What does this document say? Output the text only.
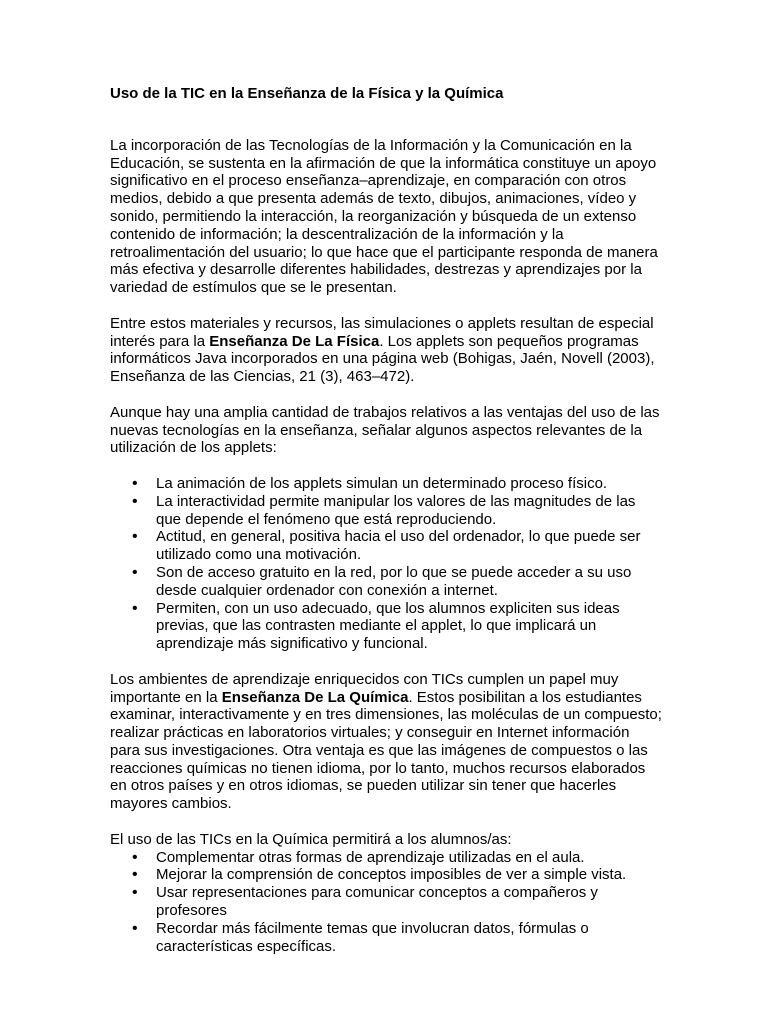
Uso de la TIC en la Enseñanza de la Física y la Química

La incorporación de las Tecnologías de la Información y la Comunicación en la Educación, se sustenta en la afirmación de que la informática constituye un apoyo significativo en el proceso enseñanza–aprendizaje, en comparación con otros medios, debido a que presenta además de texto, dibujos, animaciones, vídeo y sonido, permitiendo la interacción, la reorganización y búsqueda de un extenso contenido de información; la descentralización de la información y la retroalimentación del usuario; lo que hace que el participante responda de manera más efectiva y desarrolle diferentes habilidades, destrezas y aprendizajes por la variedad de estímulos que se le presentan.

Entre estos materiales y recursos, las simulaciones o applets resultan de especial interés para la Enseñanza De La Física. Los applets son pequeños programas informáticos Java incorporados en una página web (Bohigas, Jaén, Novell (2003), Enseñanza de las Ciencias, 21 (3), 463–472).

Aunque hay una amplia cantidad de trabajos relativos a las ventajas del uso de las nuevas tecnologías en la enseñanza, señalar algunos aspectos relevantes de la utilización de los applets:

• La animación de los applets simulan un determinado proceso físico.
• La interactividad permite manipular los valores de las magnitudes de las que depende el fenómeno que está reproduciendo.
• Actitud, en general, positiva hacia el uso del ordenador, lo que puede ser utilizado como una motivación.
• Son de acceso gratuito en la red, por lo que se puede acceder a su uso desde cualquier ordenador con conexión a internet.
• Permiten, con un uso adecuado, que los alumnos expliciten sus ideas previas, que las contrasten mediante el applet, lo que implicará un aprendizaje más significativo y funcional.

Los ambientes de aprendizaje enriquecidos con TICs cumplen un papel muy importante en la Enseñanza De La Química. Estos posibilitan a los estudiantes examinar, interactivamente y en tres dimensiones, las moléculas de un compuesto; realizar prácticas en laboratorios virtuales; y conseguir en Internet información para sus investigaciones. Otra ventaja es que las imágenes de compuestos o las reacciones químicas no tienen idioma, por lo tanto, muchos recursos elaborados en otros países y en otros idiomas, se pueden utilizar sin tener que hacerles mayores cambios.

El uso de las TICs en la Química permitirá a los alumnos/as:

• Complementar otras formas de aprendizaje utilizadas en el aula.
• Mejorar la comprensión de conceptos imposibles de ver a simple vista.
• Usar representaciones para comunicar conceptos a compañeros y profesores
• Recordar más fácilmente temas que involucran datos, fórmulas o características específicas.
